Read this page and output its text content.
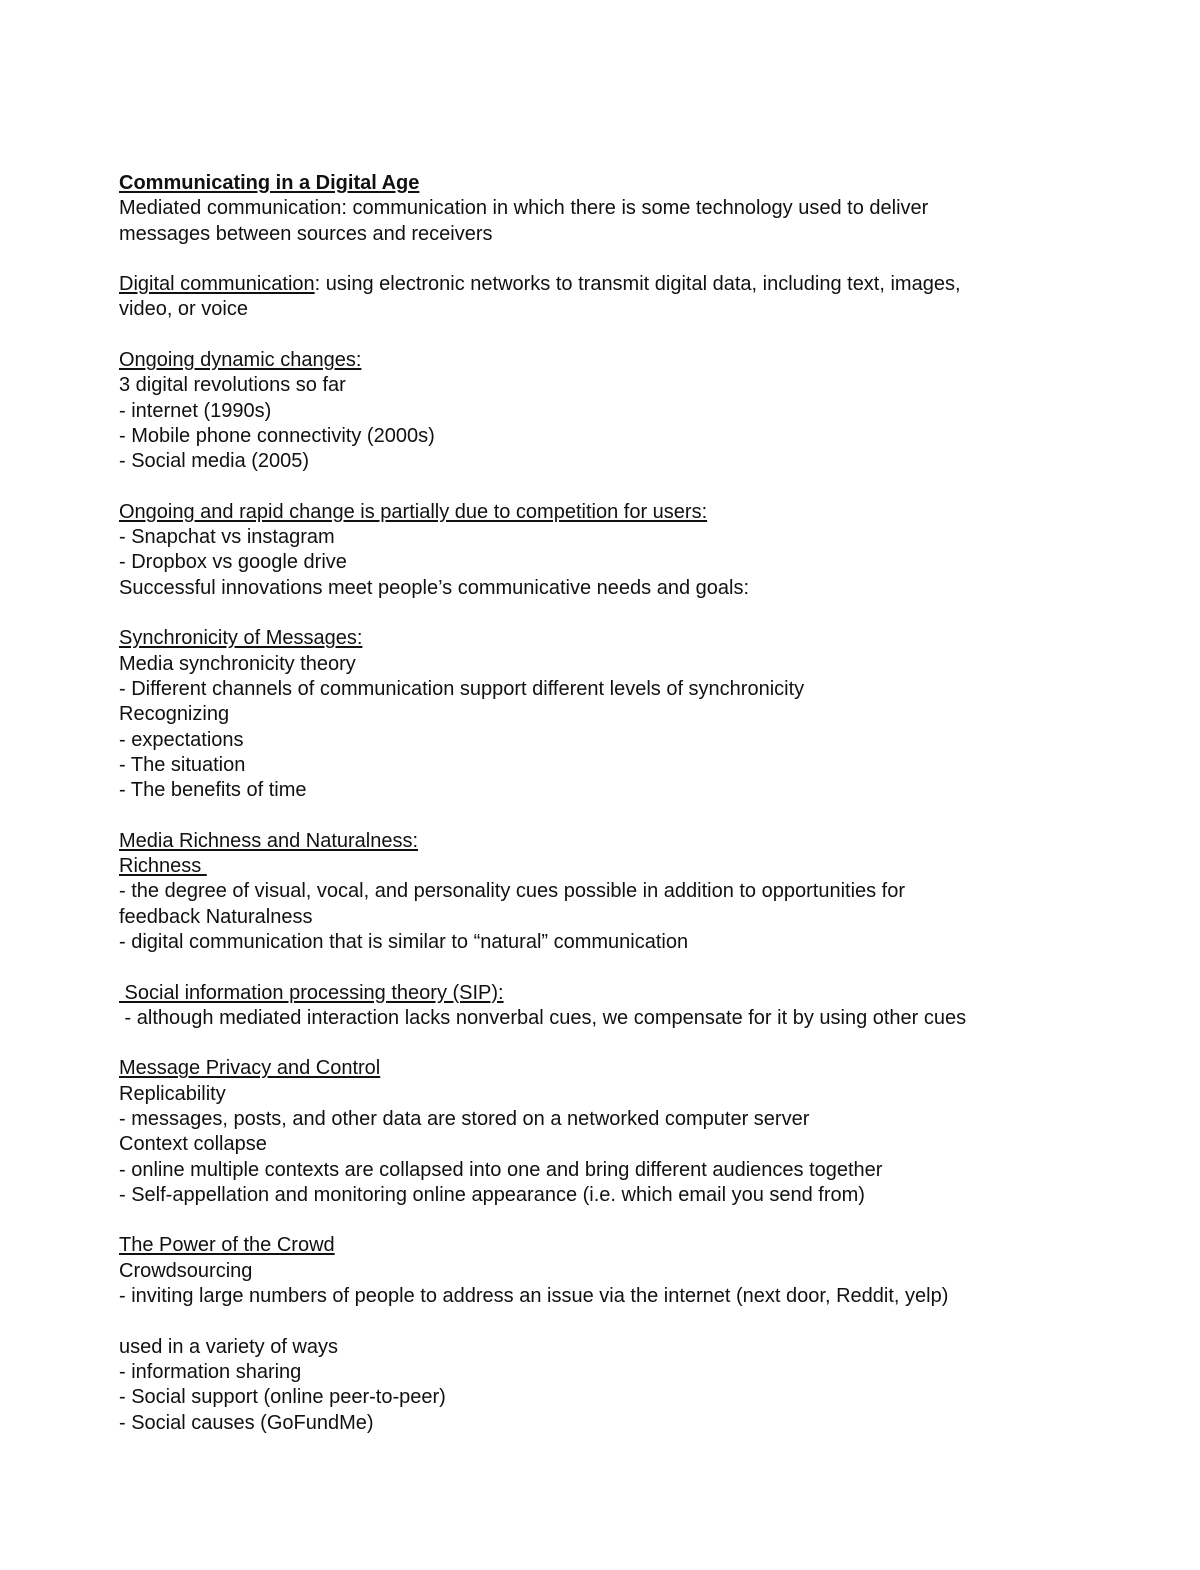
Communicating in a Digital Age
Mediated communication: communication in which there is some technology used to deliver
messages between sources and receivers
Digital communication: using electronic networks to transmit digital data, including text, images,
video, or voice
Ongoing dynamic changes:
3 digital revolutions so far
- internet (1990s)
- Mobile phone connectivity (2000s)
- Social media (2005)
Ongoing and rapid change is partially due to competition for users:
- Snapchat vs instagram
- Dropbox vs google drive
Successful innovations meet people’s communicative needs and goals:
Synchronicity of Messages:
Media synchronicity theory
- Different channels of communication support different levels of synchronicity
Recognizing
- expectations
- The situation
- The benefits of time
Media Richness and Naturalness:
Richness
- the degree of visual, vocal, and personality cues possible in addition to opportunities for
feedback Naturalness
- digital communication that is similar to “natural” communication
Social information processing theory (SIP):
- although mediated interaction lacks nonverbal cues, we compensate for it by using other cues
Message Privacy and Control
Replicability
- messages, posts, and other data are stored on a networked computer server
Context collapse
- online multiple contexts are collapsed into one and bring different audiences together
- Self-appellation and monitoring online appearance (i.e. which email you send from)
The Power of the Crowd
Crowdsourcing
- inviting large numbers of people to address an issue via the internet (next door, Reddit, yelp)
used in a variety of ways
- information sharing
- Social support (online peer-to-peer)
- Social causes (GoFundMe)
